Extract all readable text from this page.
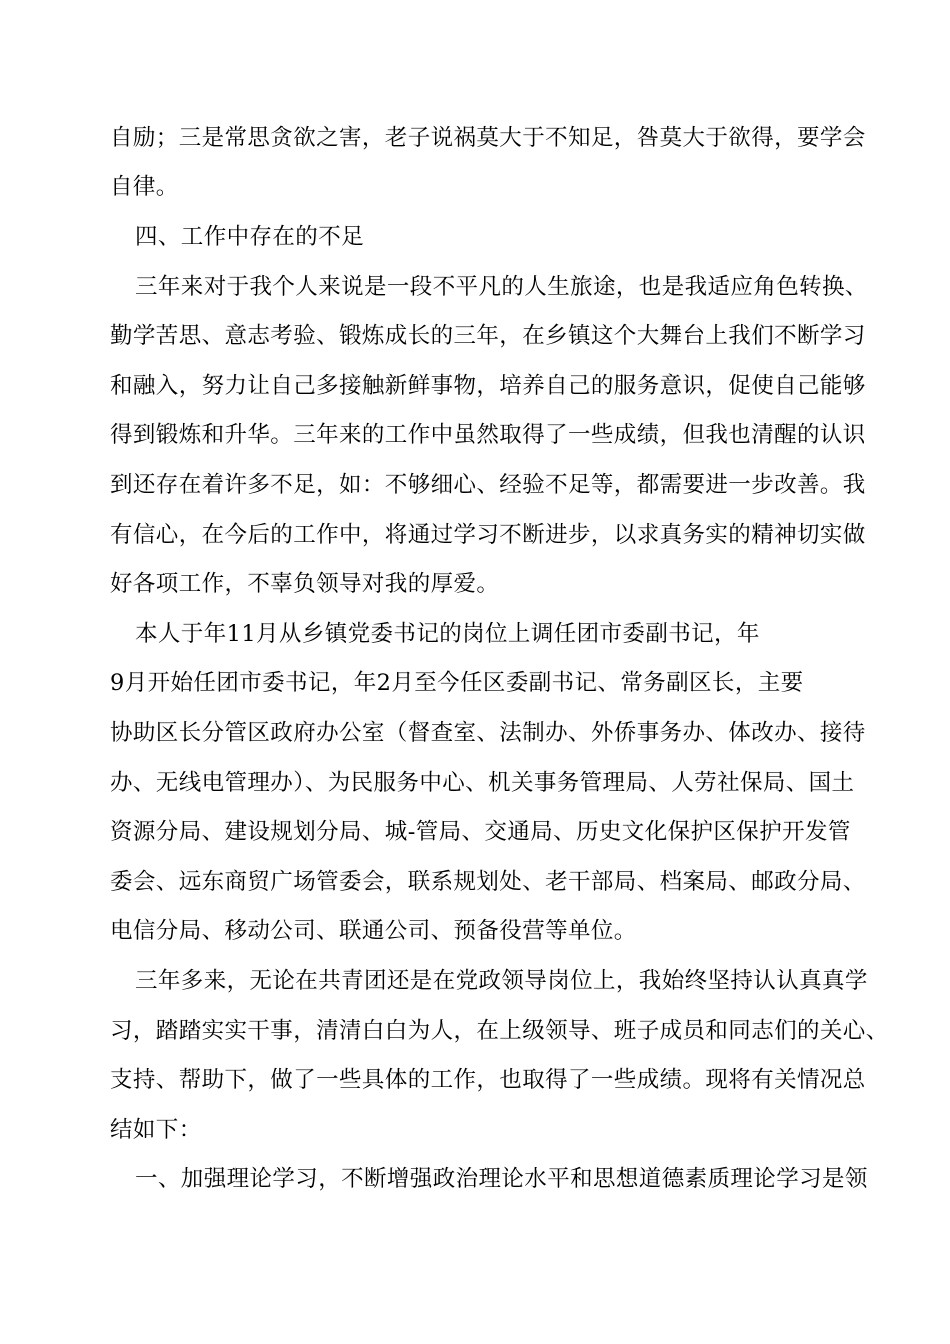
自励；三是常思贪欲之害，老子说祸莫大于不知足，咎莫大于欲得，要学会
自律。
四、工作中存在的不足
三年来对于我个人来说是一段不平凡的人生旅途，也是我适应角色转换、
勤学苦思、意志考验、锻炼成长的三年，在乡镇这个大舞台上我们不断学习
和融入，努力让自己多接触新鲜事物，培养自己的服务意识，促使自己能够
得到锻炼和升华。三年来的工作中虽然取得了一些成绩，但我也清醒的认识
到还存在着许多不足，如：不够细心、经验不足等，都需要进一步改善。我
有信心，在今后的工作中，将通过学习不断进步，以求真务实的精神切实做
好各项工作，不辜负领导对我的厚爱。
本人于年11月从乡镇党委书记的岗位上调任团市委副书记，年
9月开始任团市委书记，年2月至今任区委副书记、常务副区长，主要
协助区长分管区政府办公室（督查室、法制办、外侨事务办、体改办、接待
办、无线电管理办）、为民服务中心、机关事务管理局、人劳社保局、国土
资源分局、建设规划分局、城-管局、交通局、历史文化保护区保护开发管
委会、远东商贸广场管委会，联系规划处、老干部局、档案局、邮政分局、
电信分局、移动公司、联通公司、预备役营等单位。
三年多来，无论在共青团还是在党政领导岗位上，我始终坚持认认真真学
习，踏踏实实干事，清清白白为人，在上级领导、班子成员和同志们的关心、
支持、帮助下，做了一些具体的工作，也取得了一些成绩。现将有关情况总
结如下：
一、加强理论学习，不断增强政治理论水平和思想道德素质理论学习是领
